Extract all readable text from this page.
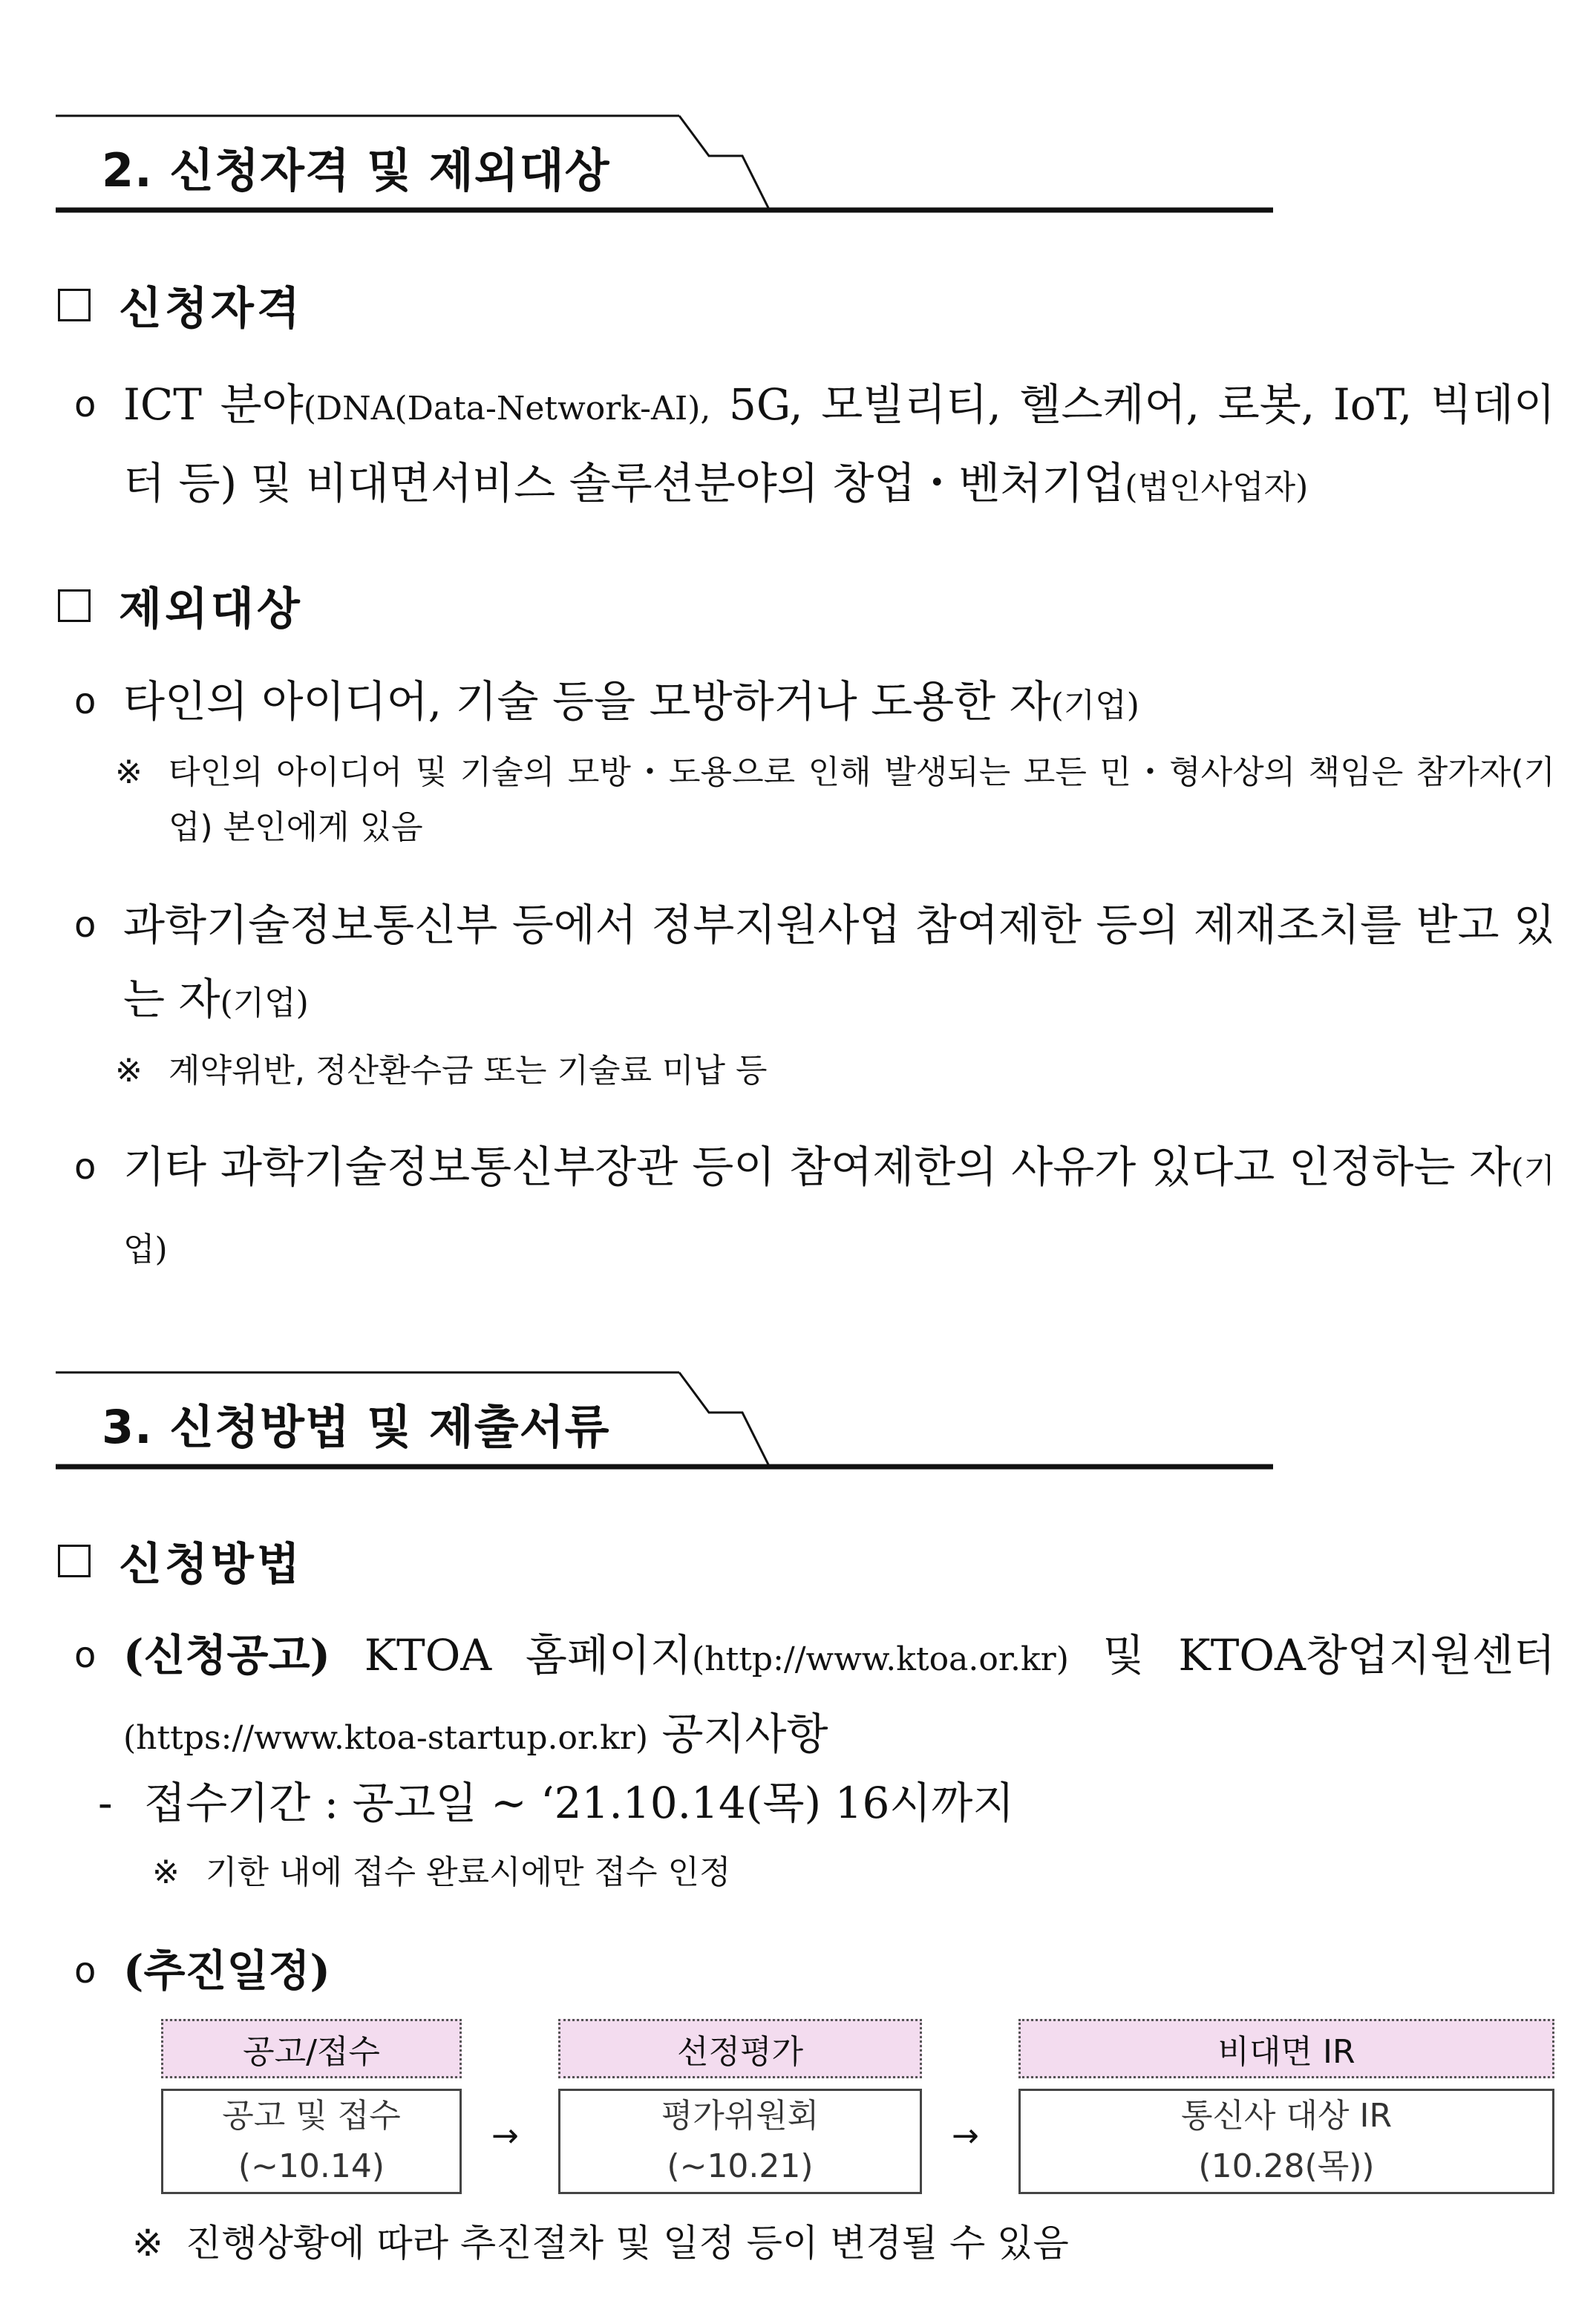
2. 신청자격 및 제외대상
신청자격
o ICT 분야(DNA(Data-Network-AI), 5G, 모빌리티, 헬스케어, 로봇, IoT, 빅데이터 등) 및 비대면서비스 솔루션분야의 창업・벤처기업(법인사업자)
제외대상
o 타인의 아이디어, 기술 등을 모방하거나 도용한 자(기업)
※ 타인의 아이디어 및 기술의 모방・도용으로 인해 발생되는 모든 민・형사상의 책임은 참가자(기업) 본인에게 있음
o 과학기술정보통신부 등에서 정부지원사업 참여제한 등의 제재조치를 받고 있는 자(기업)
※ 계약위반, 정산환수금 또는 기술료 미납 등
o 기타 과학기술정보통신부장관 등이 참여제한의 사유가 있다고 인정하는 자(기업)
3. 신청방법 및 제출서류
신청방법
o (신청공고) KTOA 홈페이지(http://www.ktoa.or.kr) 및 KTOA창업지원센터 (https://www.ktoa-startup.or.kr) 공지사항
- 접수기간 : 공고일 ~ ‘21.10.14(목) 16시까지
※ 기한 내에 접수 완료시에만 접수 인정
o (추진일정)
공고/접수
공고 및 접수
(~10.14)
→
선정평가
평가위원회
(~10.21)
→
비대면 IR
통신사 대상 IR
(10.28(목))
※ 진행상황에 따라 추진절차 및 일정 등이 변경될 수 있음
